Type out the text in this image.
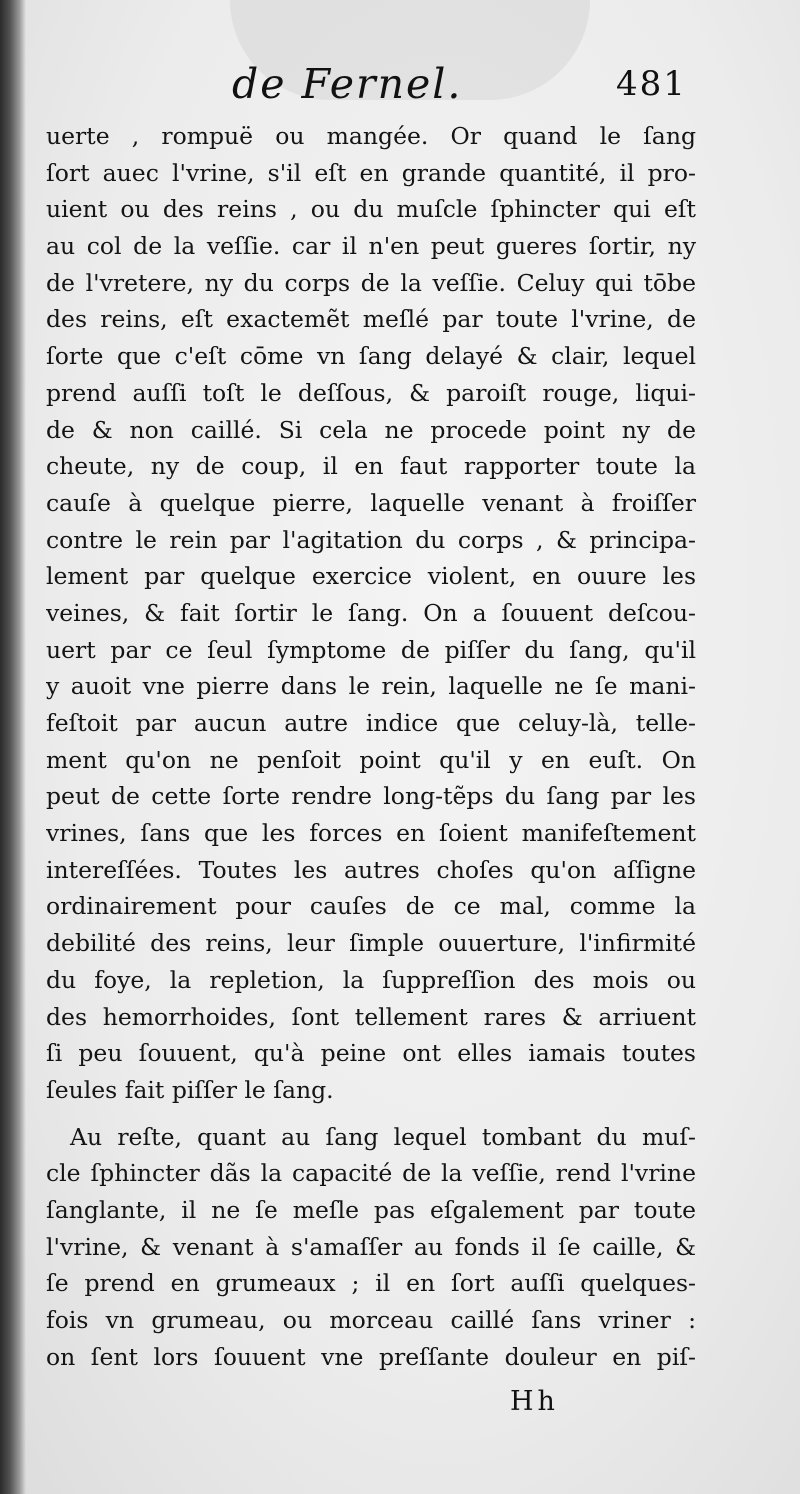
de Fernel.	481
uerte , rompuë ou mangée. Or quand le ſang
ſort auec l'vrine, s'il eſt en grande quantité, il pro-
uient ou des reins , ou du muſcle ſphincter qui eſt
au col de la veſſie. car il n'en peut gueres ſortir, ny
de l'vretere, ny du corps de la veſſie. Celuy qui tōbe
des reins, eſt exactemẽt meſlé par toute l'vrine, de
ſorte que c'eſt cōme vn ſang delayé & clair, lequel
prend auſſi toſt le deſſous, & paroiſt rouge, liqui-
de & non caillé. Si cela ne procede point ny de
cheute, ny de coup, il en faut rapporter toute la
cauſe à quelque pierre, laquelle venant à froiſſer
contre le rein par l'agitation du corps , & principa-
lement par quelque exercice violent, en ouure les
veines, & fait ſortir le ſang. On a ſouuent deſcou-
uert par ce ſeul ſymptome de piſſer du ſang, qu'il
y auoit vne pierre dans le rein, laquelle ne ſe mani-
feſtoit par aucun autre indice que celuy-là, telle-
ment qu'on ne penſoit point qu'il y en euſt. On
peut de cette ſorte rendre long-tẽps du ſang par les
vrines, ſans que les forces en ſoient manifeſtement
intereſſées. Toutes les autres choſes qu'on aſſigne
ordinairement pour cauſes de ce mal, comme la
debilité des reins, leur ſimple ouuerture, l'infirmité
du foye, la repletion, la ſuppreſſion des mois ou
des hemorrhoides, ſont tellement rares & arriuent
ſi peu ſouuent, qu'à peine ont elles iamais toutes
ſeules fait piſſer le ſang.
Au reſte, quant au ſang lequel tombant du muſ-
cle ſphincter dãs la capacité de la veſſie, rend l'vrine
ſanglante, il ne ſe meſle pas eſgalement par toute
l'vrine, & venant à s'amaſſer au fonds il ſe caille, &
ſe prend en grumeaux ; il en ſort auſſi quelques-
fois vn grumeau, ou morceau caillé ſans vriner :
on ſent lors ſouuent vne preſſante douleur en piſ-
Hh
